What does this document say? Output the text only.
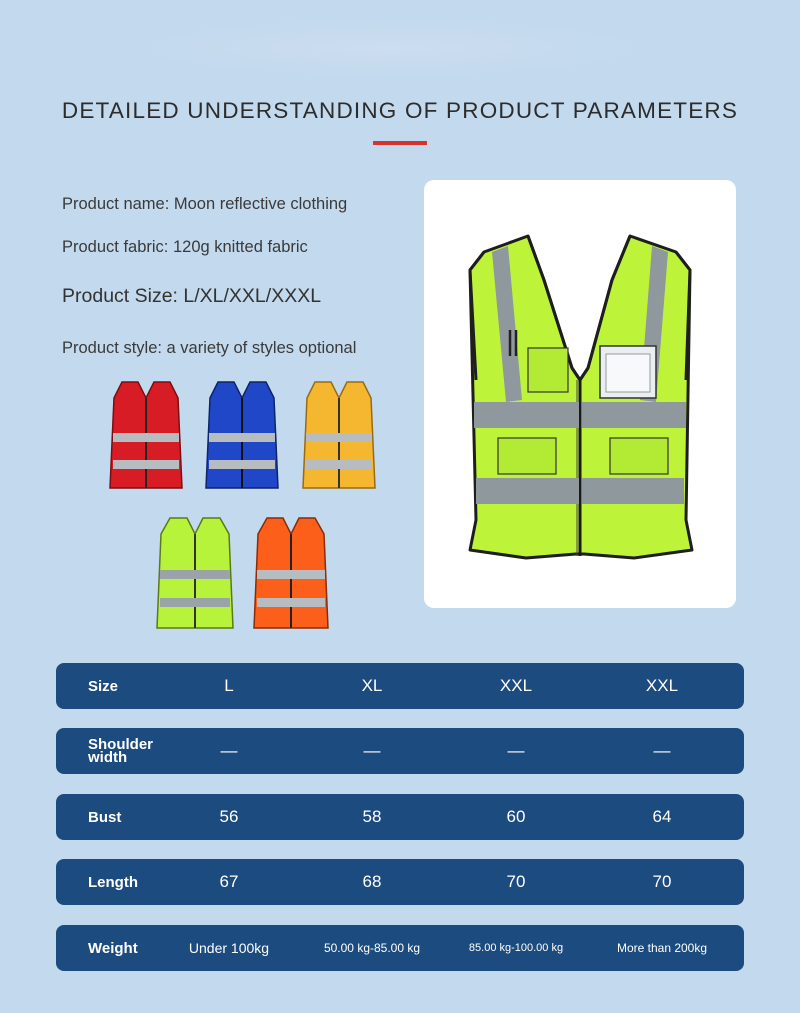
DETAILED UNDERSTANDING OF PRODUCT PARAMETERS
Product name: Moon reflective clothing
Product fabric: 120g knitted fabric
Product Size: L/XL/XXL/XXXL
Product style: a variety of styles optional
Size	L	XL	XXL	XXL
Shoulder
width	—	—	—	—
Bust	56	58	60	64
Length	67	68	70	70
Weight	Under 100kg	50.00 kg-85.00 kg	85.00 kg-100.00 kg	More than 200kg
